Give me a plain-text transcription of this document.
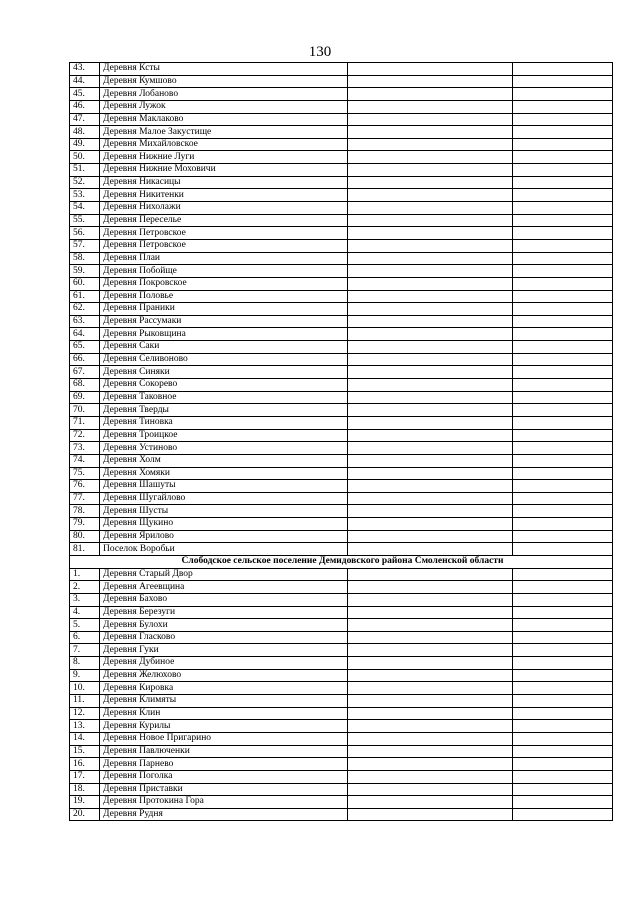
130
43.	Деревня Ксты		
44.	Деревня Кумшово		
45.	Деревня Лобаново		
46.	Деревня Лужок		
47.	Деревня Маклаково		
48.	Деревня Малое Закустище		
49.	Деревня Михайловское		
50.	Деревня Нижние Луги		
51.	Деревня Нижние Моховичи		
52.	Деревня Никасицы		
53.	Деревня Никитенки		
54.	Деревня Нихолажи		
55.	Деревня Переселье		
56.	Деревня Петровское		
57.	Деревня Петровское		
58.	Деревня Плаи		
59.	Деревня Побойще		
60.	Деревня Покровское		
61.	Деревня Половье		
62.	Деревня Праники		
63.	Деревня Рассумаки		
64.	Деревня Рыковщина		
65.	Деревня Саки		
66.	Деревня Селивоново		
67.	Деревня Синяки		
68.	Деревня Сокорево		
69.	Деревня Таковное		
70.	Деревня Тверды		
71.	Деревня Тиновка		
72.	Деревня Троицкое		
73.	Деревня Устиново		
74.	Деревня Холм		
75.	Деревня Хомяки		
76.	Деревня Шашуты		
77.	Деревня Шугайлово		
78.	Деревня Шусты		
79.	Деревня Щукино		
80.	Деревня Ярилово		
81.	Поселок Воробьи		
Слободское сельское поселение Демидовского района Смоленской области			
1.	Деревня Старый Двор		
2.	Деревня Агеевщина		
3.	Деревня Бахово		
4.	Деревня Березуги		
5.	Деревня Булохи		
6.	Деревня Гласково		
7.	Деревня Гуки		
8.	Деревня Дубиное		
9.	Деревня Желюхово		
10.	Деревня Кировка		
11.	Деревня Климяты		
12.	Деревня Клин		
13.	Деревня Курилы		
14.	Деревня Новое Пригарино		
15.	Деревня Павлюченки		
16.	Деревня Парнево		
17.	Деревня Поголка		
18.	Деревня Приставки		
19.	Деревня Протокина Гора		
20.	Деревня Рудня		
